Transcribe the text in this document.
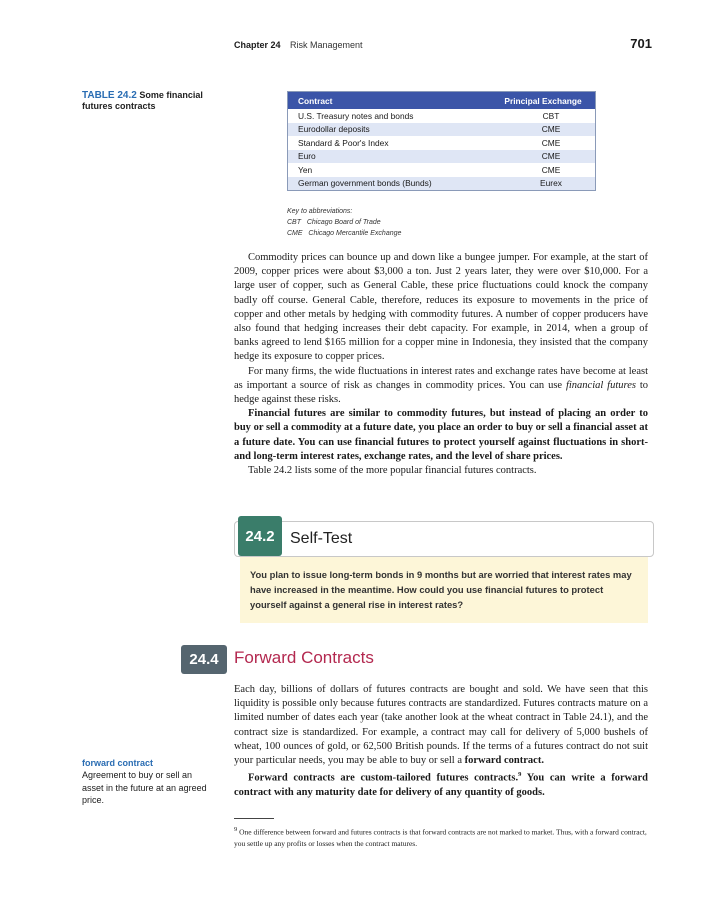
Chapter 24 Risk Management	701
TABLE 24.2 Some financial futures contracts
Contract	Principal Exchange
U.S. Treasury notes and bonds	CBT
Eurodollar deposits	CME
Standard & Poor's Index	CME
Euro	CME
Yen	CME
German government bonds (Bunds)	Eurex
Key to abbreviations:
CBT   Chicago Board of Trade
CME   Chicago Mercantile Exchange

Commodity prices can bounce up and down like a bungee jumper. For example, at the start of 2009, copper prices were about $3,000 a ton. Just 2 years later, they were over $10,000. For a large user of copper, such as General Cable, these price fluctuations could knock the company badly off course. General Cable, therefore, reduces its exposure to movements in the price of copper and other metals by hedging with commodity futures. A number of copper producers have also found that hedging increases their debt capacity. For example, in 2014, when a group of banks agreed to lend $165 million for a copper mine in Indonesia, they insisted that the company hedge its exposure to copper prices.

For many firms, the wide fluctuations in interest rates and exchange rates have become at least as important a source of risk as changes in commodity prices. You can use financial futures to hedge against these risks.

Financial futures are similar to commodity futures, but instead of placing an order to buy or sell a commodity at a future date, you place an order to buy or sell a financial asset at a future date. You can use financial futures to protect yourself against fluctuations in short- and long-term interest rates, exchange rates, and the level of share prices.

Table 24.2 lists some of the more popular financial futures contracts.

24.2 Self-Test
You plan to issue long-term bonds in 9 months but are worried that interest rates may have increased in the meantime. How could you use financial futures to protect yourself against a general rise in interest rates?
24.4 Forward Contracts

Each day, billions of dollars of futures contracts are bought and sold. We have seen that this liquidity is possible only because futures contracts are standardized. Futures contracts mature on a limited number of dates each year (take another look at the wheat contract in Table 24.1), and the contract size is standardized. For example, a contract may call for delivery of 5,000 bushels of wheat, 100 ounces of gold, or 62,500 British pounds. If the terms of a futures contract do not suit your particular needs, you may be able to buy or sell a forward contract.

Forward contracts are custom-tailored futures contracts.$^9$ You can write a forward contract with any maturity date for delivery of any quantity of goods.

forward contract
Agreement to buy or sell an asset in the future at an agreed price.
$^9$ One difference between forward and futures contracts is that forward contracts are not marked to market. Thus, with a forward contract, you settle up any profits or losses when the contract matures.
